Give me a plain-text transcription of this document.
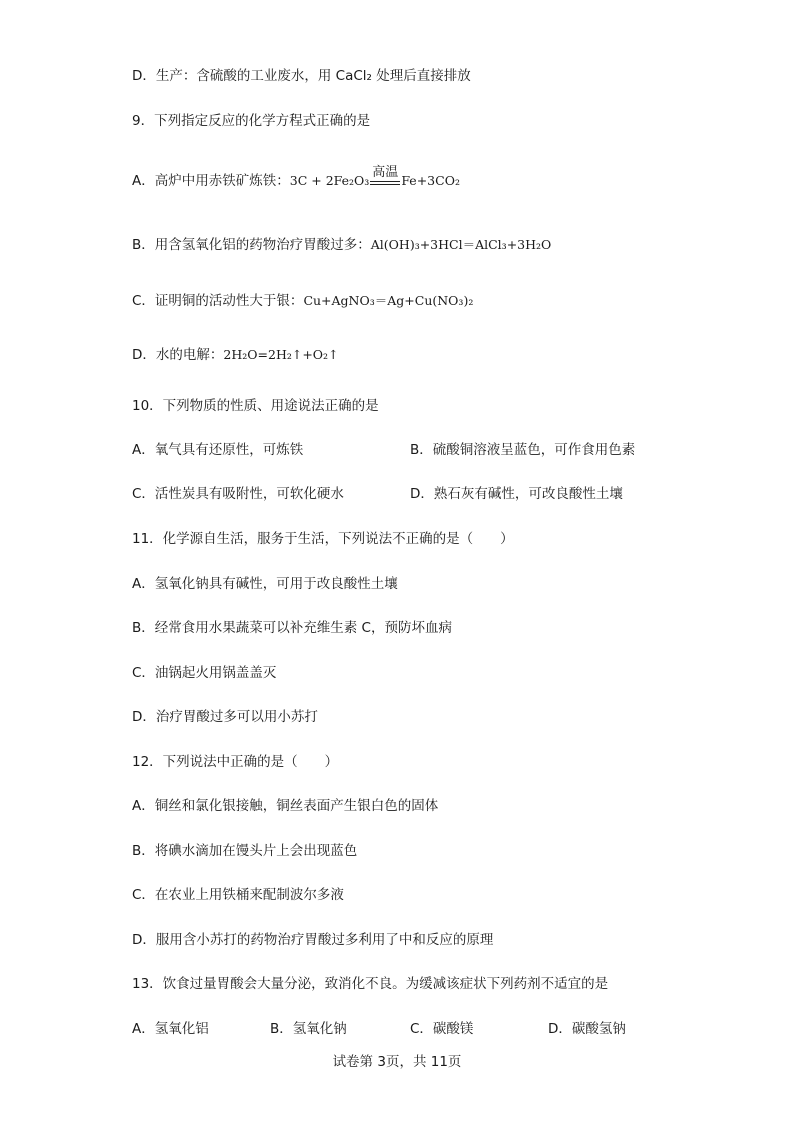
D．生产：含硫酸的工业废水，用 CaCl₂ 处理后直接排放
9．下列指定反应的化学方程式正确的是
A．高炉中用赤铁矿炼铁：3C + 2Fe₂O₃
高温
Fe+3CO₂
B．用含氢氧化铝的药物治疗胃酸过多：Al(OH)₃+3HCl＝AlCl₃+3H₂O
C．证明铜的活动性大于银：Cu+AgNO₃＝Ag+Cu(NO₃)₂
D．水的电解：2H₂O=2H₂↑+O₂↑
10．下列物质的性质、用途说法正确的是
A．氧气具有还原性，可炼铁	B．硫酸铜溶液呈蓝色，可作食用色素
C．活性炭具有吸附性，可软化硬水	D．熟石灰有碱性，可改良酸性土壤
11．化学源自生活，服务于生活，下列说法不正确的是（　　）
A．氢氧化钠具有碱性，可用于改良酸性土壤
B．经常食用水果蔬菜可以补充维生素 C，预防坏血病
C．油锅起火用锅盖盖灭
D．治疗胃酸过多可以用小苏打
12．下列说法中正确的是（　　）
A．铜丝和氯化银接触，铜丝表面产生银白色的固体
B．将碘水滴加在馒头片上会出现蓝色
C．在农业上用铁桶来配制波尔多液
D．服用含小苏打的药物治疗胃酸过多利用了中和反应的原理
13．饮食过量胃酸会大量分泌，致消化不良。为缓减该症状下列药剂不适宜的是
A．氢氧化铝	B．氢氧化钠	C．碳酸镁	D．碳酸氢钠
试卷第 3页，共 11页
